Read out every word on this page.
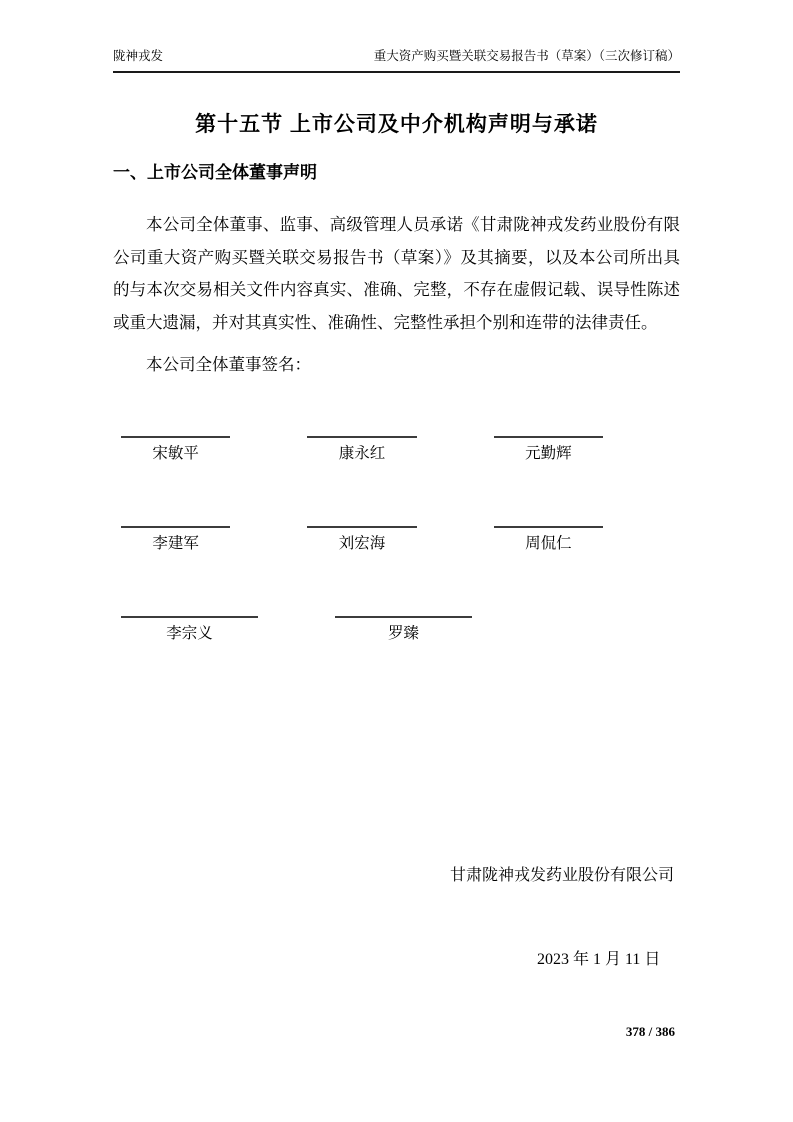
陇神戎发	重大资产购买暨关联交易报告书（草案）（三次修订稿）
第十五节 上市公司及中介机构声明与承诺
一、上市公司全体董事声明

本公司全体董事、监事、高级管理人员承诺《甘肃陇神戎发药业股份有限公司重大资产购买暨关联交易报告书（草案）》及其摘要，以及本公司所出具的与本次交易相关文件内容真实、准确、完整，不存在虚假记载、误导性陈述或重大遗漏，并对其真实性、准确性、完整性承担个别和连带的法律责任。

本公司全体董事签名：

宋敏平	康永红	元勤辉
李建军	刘宏海	周侃仁
李宗义	罗臻
甘肃陇神戎发药业股份有限公司
2023 年 1 月 11 日
378 / 386
